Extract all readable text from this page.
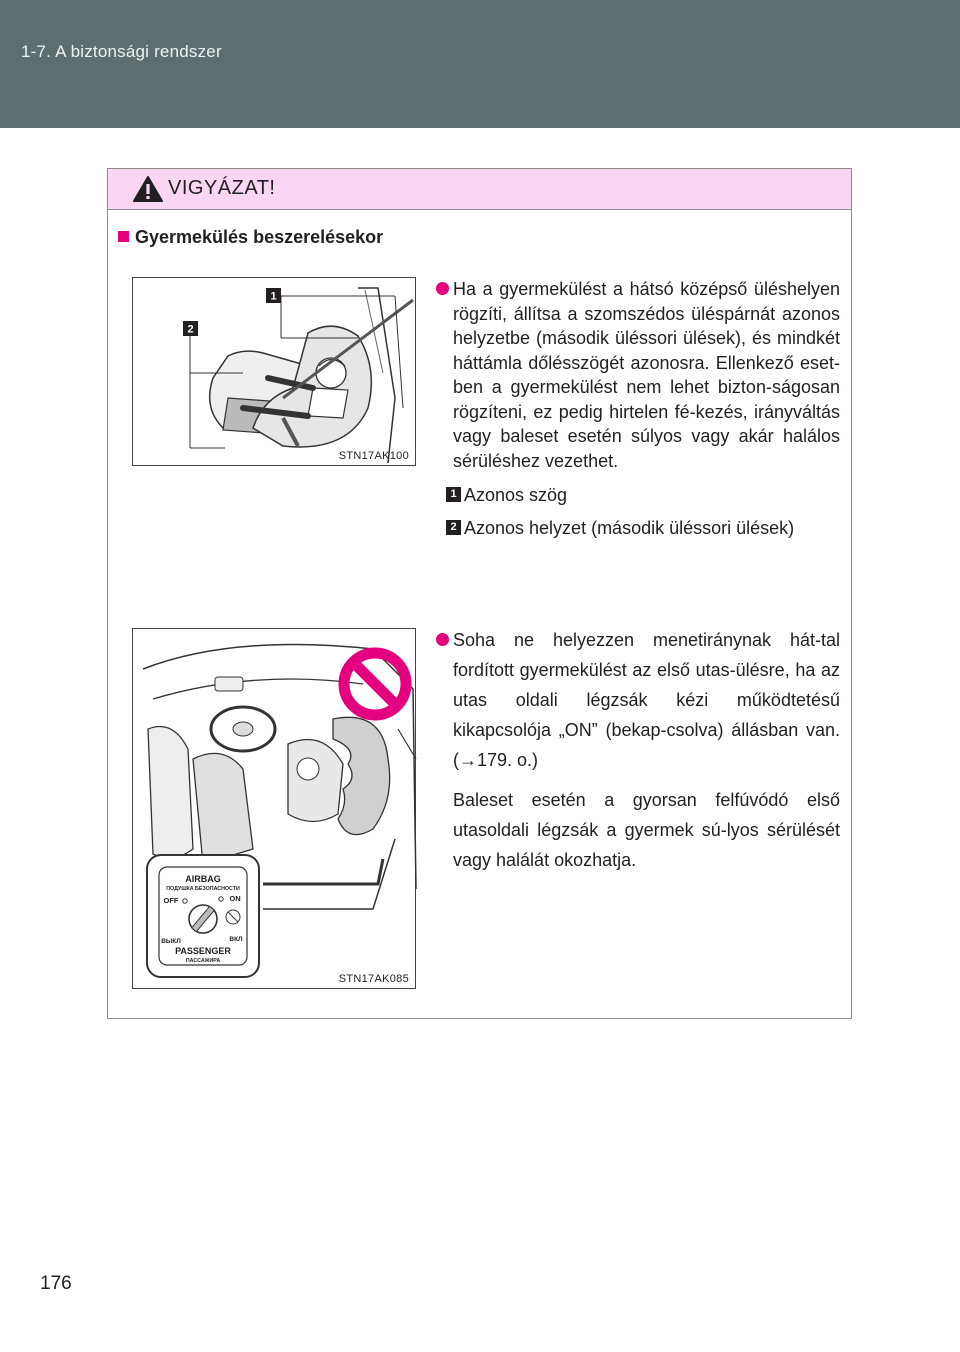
1-7. A biztonsági rendszer
VIGYÁZAT!
Gyermekülés beszerelésekor
1
2
STN17AK100
AIRBAG
ПОДУШКА БЕЗОПАСНОСТИ
OFF	ON
ВЫКЛ	ВКЛ
PASSENGER
ПАССАЖИРА
STN17AK085
Ha a gyermekülést a hátsó középső üléshelyen rögzíti, állítsa a szomszédos üléspárnát azonos helyzetbe (második üléssori ülések), és mindkét háttámla dőlésszögét azonosra. Ellenkező eset-ben a gyermekülést nem lehet bizton-ságosan rögzíteni, ez pedig hirtelen fé-kezés, irányváltás vagy baleset esetén súlyos vagy akár halálos sérüléshez vezethet.
1 Azonos szög
2 Azonos helyzet (második üléssori ülések)
Soha ne helyezzen menetiránynak hát-tal fordított gyermekülést az első utas-ülésre, ha az utas oldali légzsák kézi működtetésű kikapcsolója „ON” (bekap-csolva) állásban van. (→179. o.)
Baleset esetén a gyorsan felfúvódó első utasoldali légzsák a gyermek sú-lyos sérülését vagy halálát okozhatja.
176
